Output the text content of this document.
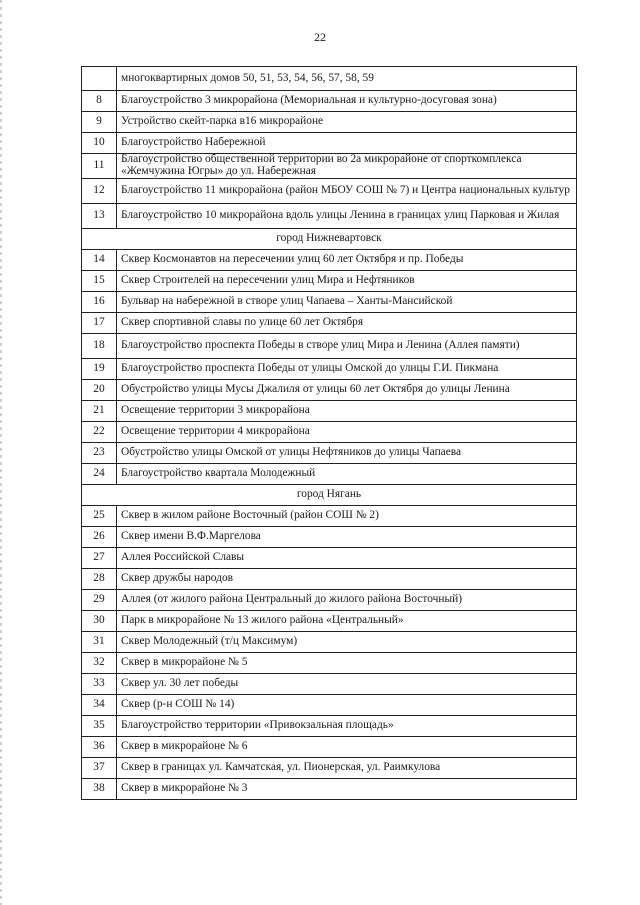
22
	многоквартирных домов 50, 51, 53, 54, 56, 57, 58, 59
8	Благоустройство 3 микрорайона (Мемориальная и культурно-досуговая зона)
9	Устройство скейт-парка в16 микрорайоне
10	Благоустройство Набережной
11	Благоустройство общественной территории во 2а микрорайоне от спорткомплекса «Жемчужина Югры» до ул. Набережная
12	Благоустройство 11 микрорайона (район МБОУ СОШ № 7) и Центра национальных культур
13	Благоустройство 10 микрорайона вдоль улицы Ленина в границах улиц Парковая и Жилая
город Нижневартовск	
14	Сквер Космонавтов на пересечении улиц 60 лет Октября и пр. Победы
15	Сквер Строителей на пересечении улиц Мира и Нефтяников
16	Бульвар на набережной в створе улиц Чапаева – Ханты-Мансийской
17	Сквер спортивной славы по улице 60 лет Октября
18	Благоустройство проспекта Победы в створе улиц Мира и Ленина (Аллея памяти)
19	Благоустройство проспекта Победы от улицы Омской до улицы Г.И. Пикмана
20	Обустройство улицы Мусы Джалиля от улицы 60 лет Октября до улицы Ленина
21	Освещение территории 3 микрорайона
22	Освещение территории 4 микрорайона
23	Обустройство улицы Омской от улицы Нефтяников до улицы Чапаева
24	Благоустройство квартала Молодежный
город Нягань	
25	Сквер в жилом районе Восточный (район СОШ № 2)
26	Сквер имени В.Ф.Маргелова
27	Аллея Российской Славы
28	Сквер дружбы народов
29	Аллея (от жилого района Центральный до жилого района Восточный)
30	Парк в микрорайоне № 13 жилого района «Центральный»
31	Сквер Молодежный (т/ц Максимум)
32	Сквер в микрорайоне № 5
33	Сквер ул. 30 лет победы
34	Сквер (р-н СОШ № 14)
35	Благоустройство территории «Привокзальная площадь»
36	Сквер в микрорайоне № 6
37	Сквер в границах ул. Камчатская, ул. Пионерская, ул. Раимкулова
38	Сквер в микрорайоне № 3
